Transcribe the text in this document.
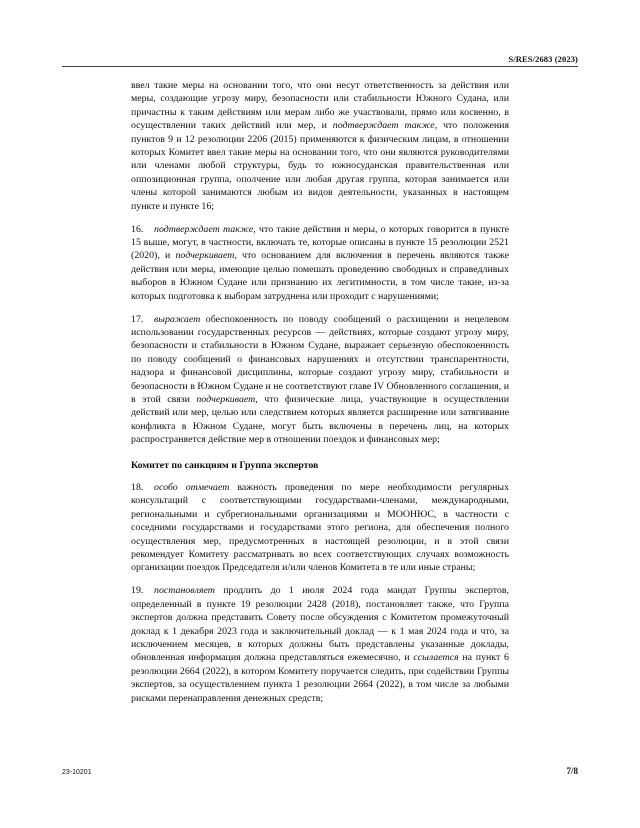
S/RES/2683 (2023)

ввел такие меры на основании того, что они несут ответственность за действия или меры, создающие угрозу миру, безопасности или стабильности Южного Судана, или причастны к таким действиям или мерам либо же участвовали, прямо или косвенно, в осуществлении таких действий или мер, и подтверждает также, что положения пунктов 9 и 12 резолюции 2206 (2015) применяются к физическим лицам, в отношении которых Комитет ввел такие меры на основании того, что они являются руководителями или членами любой структуры, будь то южносуданская правительственная или оппозиционная группа, ополчение или любая другая группа, которая занимается или члены которой занимаются любым из видов деятельности, указанных в настоящем пункте и пункте 16;

16. подтверждает также, что такие действия и меры, о которых говорится в пункте 15 выше, могут, в частности, включать те, которые описаны в пункте 15 резолюции 2521 (2020), и подчеркивает, что основанием для включения в перечень являются также действия или меры, имеющие целью помешать проведению свободных и справедливых выборов в Южном Судане или признанию их легитимности, в том числе такие, из-за которых подготовка к выборам затруднена или проходит с нарушениями;

17. выражает обеспокоенность по поводу сообщений о расхищении и нецелевом использовании государственных ресурсов — действиях, которые создают угрозу миру, безопасности и стабильности в Южном Судане, выражает серьезную обеспокоенность по поводу сообщений о финансовых нарушениях и отсутствии транспарентности, надзора и финансовой дисциплины, которые создают угрозу миру, стабильности и безопасности в Южном Судане и не соответствуют главе IV Обновленного соглашения, и в этой связи подчеркивает, что физические лица, участвующие в осуществлении действий или мер, целью или следствием которых является расширение или затягивание конфликта в Южном Судане, могут быть включены в перечень лиц, на которых распространяется действие мер в отношении поездок и финансовых мер;

Комитет по санкциям и Группа экспертов

18. особо отмечает важность проведения по мере необходимости регулярных консультаций с соответствующими государствами-членами, международными, региональными и субрегиональными организациями и МООНЮС, в частности с соседними государствами и государствами этого региона, для обеспечения полного осуществления мер, предусмотренных в настоящей резолюции, и в этой связи рекомендует Комитету рассматривать во всех соответствующих случаях возможность организации поездок Председателя и/или членов Комитета в те или иные страны;

19. постановляет продлить до 1 июля 2024 года мандат Группы экспертов, определенный в пункте 19 резолюции 2428 (2018), постановляет также, что Группа экспертов должна представить Совету после обсуждения с Комитетом промежуточный доклад к 1 декабря 2023 года и заключительный доклад — к 1 мая 2024 года и что, за исключением месяцев, в которых должны быть представлены указанные доклады, обновленная информация должна представляться ежемесячно, и ссылается на пункт 6 резолюции 2664 (2022), в котором Комитету поручается следить, при содействии Группы экспертов, за осуществлением пункта 1 резолюции 2664 (2022), в том числе за любыми рисками перенаправления денежных средств;

23-10201	7/8
